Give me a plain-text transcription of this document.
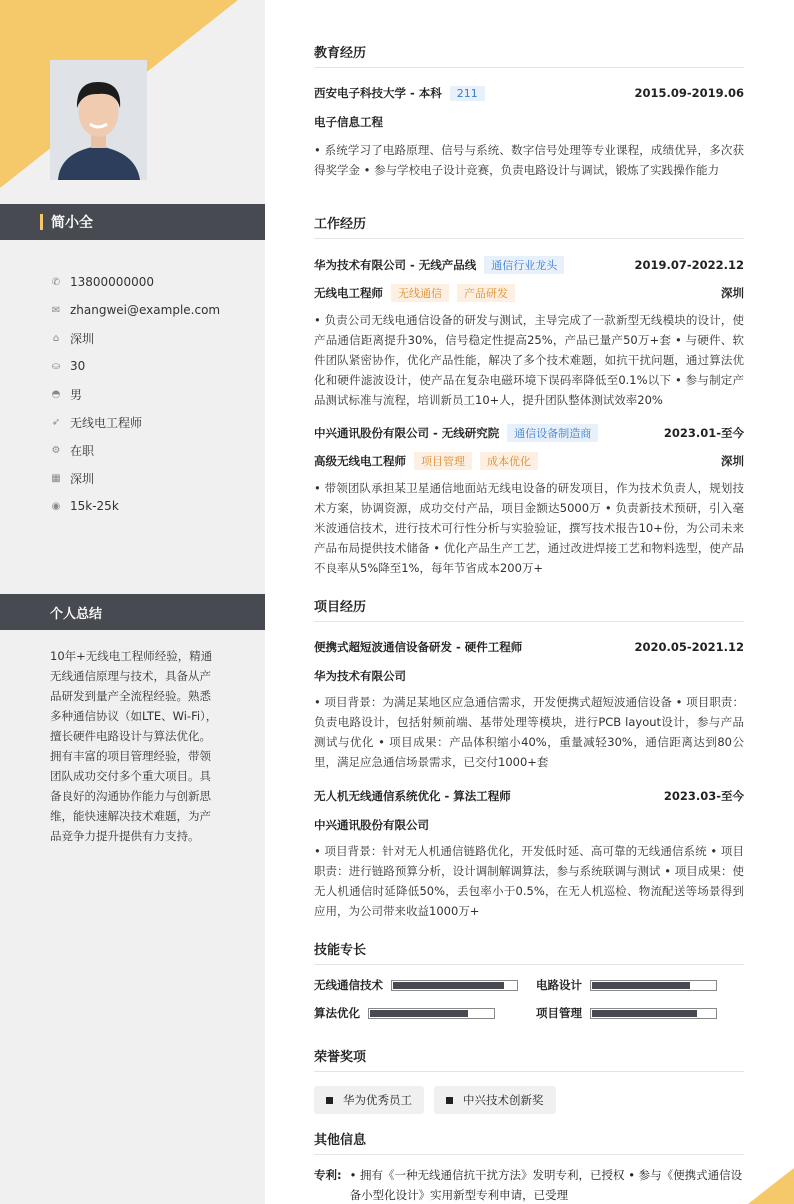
简小全
✆ 13800000000
✉ zhangwei@example.com
⌂ 深圳
⛀ 30
◓ 男
➶ 无线电工程师
⚙ 在职
▦ 深圳
◉ 15k-25k
个人总结
10年+无线电工程师经验，精通无线通信原理与技术，具备从产品研发到量产全流程经验。熟悉多种通信协议（如LTE、Wi-Fi），擅长硬件电路设计与算法优化。拥有丰富的项目管理经验，带领团队成功交付多个重大项目。具备良好的沟通协作能力与创新思维，能快速解决技术难题，为产品竞争力提升提供有力支持。
教育经历
西安电子科技大学 - 本科	211	2015.09-2019.06
电子信息工程
• 系统学习了电路原理、信号与系统、数字信号处理等专业课程，成绩优异，多次获得奖学金 • 参与学校电子设计竞赛，负责电路设计与调试，锻炼了实践操作能力
工作经历
华为技术有限公司 - 无线产品线	通信行业龙头	2019.07-2022.12
无线电工程师	无线通信	产品研发	深圳
• 负责公司无线电通信设备的研发与测试，主导完成了一款新型无线模块的设计，使产品通信距离提升30%，信号稳定性提高25%，产品已量产50万+套 • 与硬件、软件团队紧密协作，优化产品性能，解决了多个技术难题，如抗干扰问题，通过算法优化和硬件滤波设计，使产品在复杂电磁环境下误码率降低至0.1%以下 • 参与制定产品测试标准与流程，培训新员工10+人，提升团队整体测试效率20%
中兴通讯股份有限公司 - 无线研究院	通信设备制造商	2023.01-至今
高级无线电工程师	项目管理	成本优化	深圳
• 带领团队承担某卫星通信地面站无线电设备的研发项目，作为技术负责人，规划技术方案，协调资源，成功交付产品，项目金额达5000万 • 负责新技术预研，引入毫米波通信技术，进行技术可行性分析与实验验证，撰写技术报告10+份，为公司未来产品布局提供技术储备 • 优化产品生产工艺，通过改进焊接工艺和物料选型，使产品不良率从5%降至1%，每年节省成本200万+
项目经历
便携式超短波通信设备研发 - 硬件工程师	2020.05-2021.12
华为技术有限公司
• 项目背景：为满足某地区应急通信需求，开发便携式超短波通信设备 • 项目职责：负责电路设计，包括射频前端、基带处理等模块，进行PCB layout设计，参与产品测试与优化 • 项目成果：产品体积缩小40%，重量减轻30%，通信距离达到80公里，满足应急通信场景需求，已交付1000+套
无人机无线通信系统优化 - 算法工程师	2023.03-至今
中兴通讯股份有限公司
• 项目背景：针对无人机通信链路优化，开发低时延、高可靠的无线通信系统 • 项目职责：进行链路预算分析，设计调制解调算法，参与系统联调与测试 • 项目成果：使无人机通信时延降低50%，丢包率小于0.5%，在无人机巡检、物流配送等场景得到应用，为公司带来收益1000万+
技能专长
无线通信技术	电路设计
算法优化	项目管理
荣誉奖项
华为优秀员工	中兴技术创新奖
其他信息
专利: • 拥有《一种无线通信抗干扰方法》发明专利，已授权 • 参与《便携式通信设备小型化设计》实用新型专利申请，已受理
